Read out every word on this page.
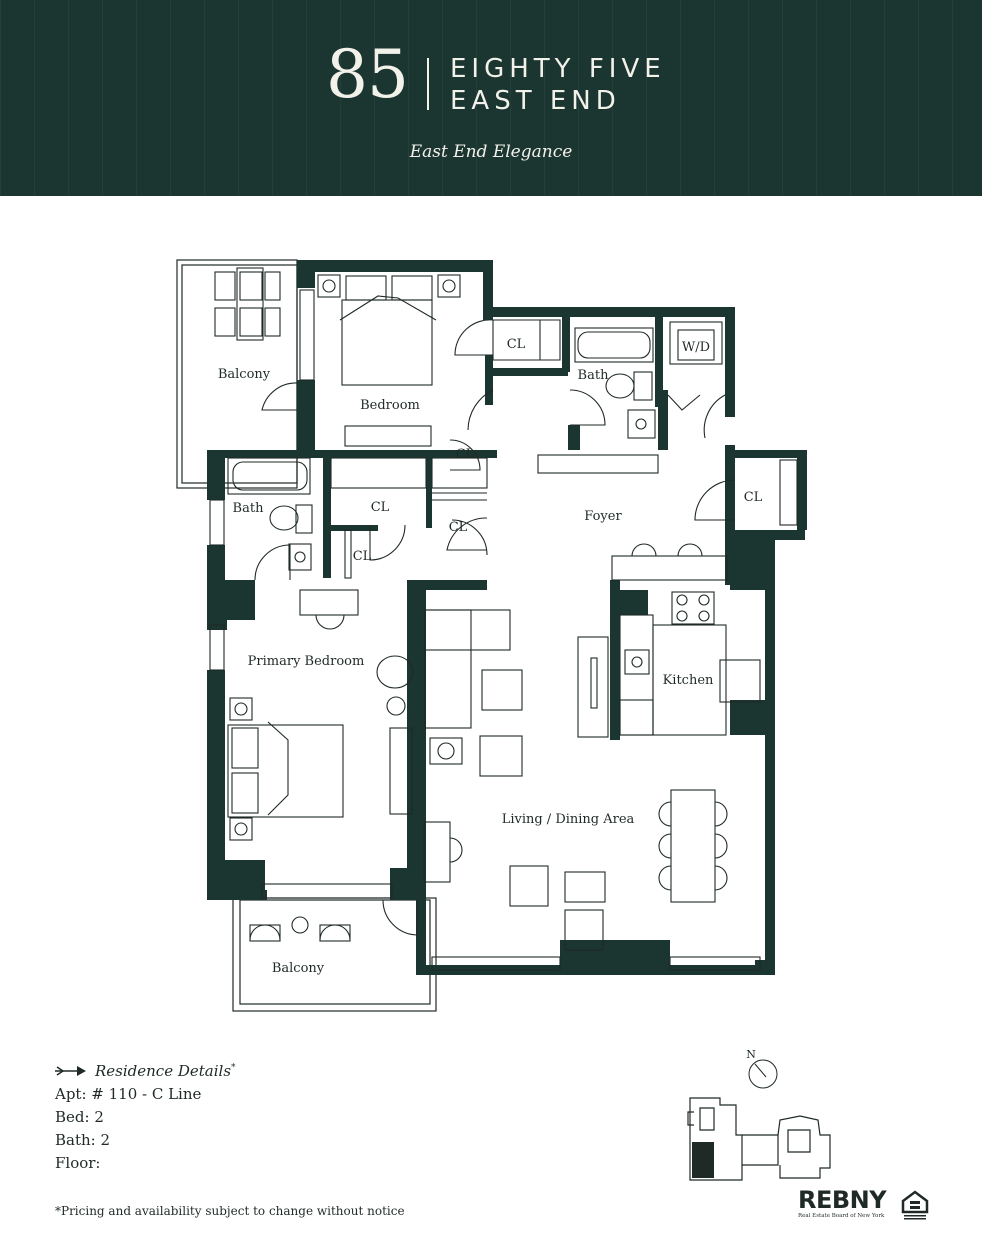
85 EIGHTY FIVE
EAST END
East End Elegance
Balcony
Bedroom
Bath
W/D
CL
CL
CL
CL
CL
CL
Foyer
Bath
Primary Bedroom
Kitchen
Living / Dining Area
Balcony
Residence Details*
Apt: # 110 - C Line
Bed: 2
Bath: 2
Floor:
*Pricing and availability subject to change without notice
N
REBNY
Real Estate Board of New York
